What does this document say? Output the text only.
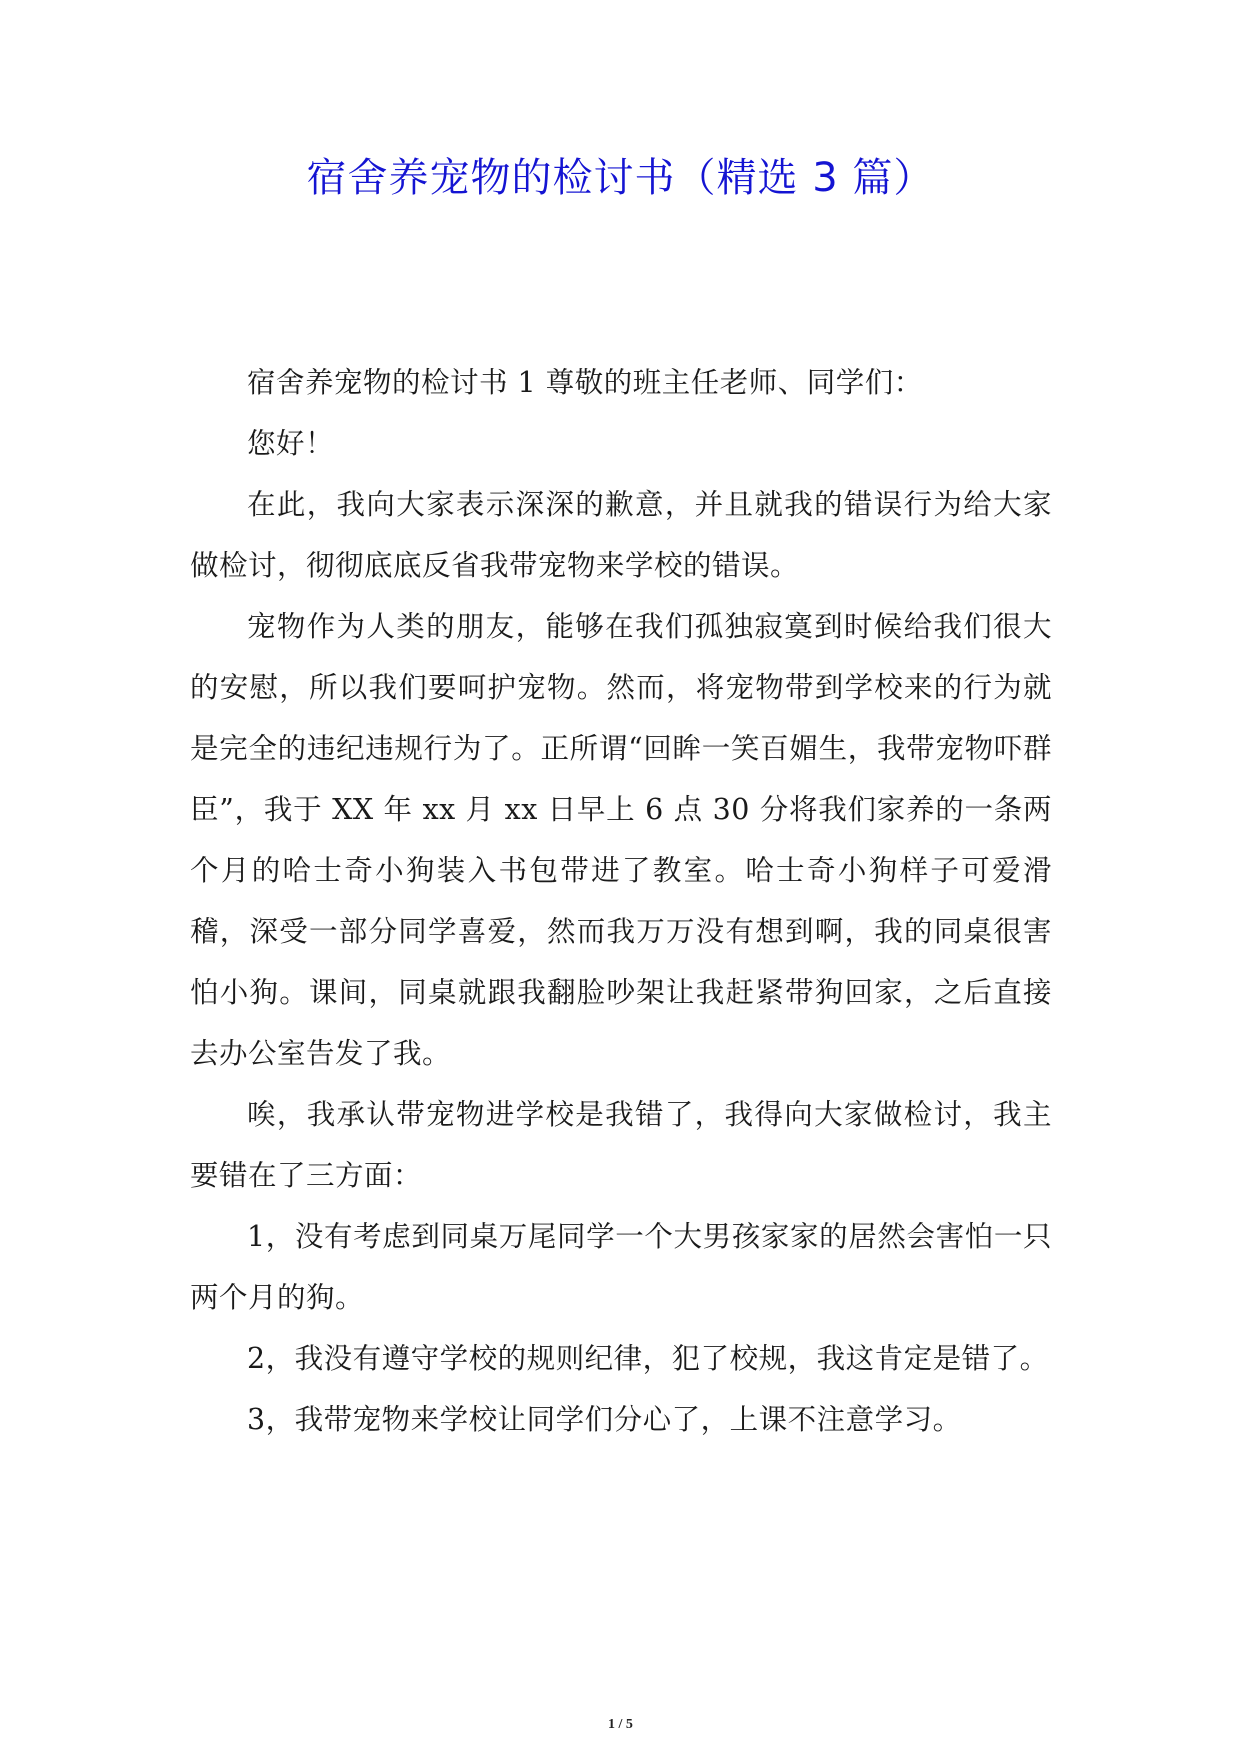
宿舍养宠物的检讨书（精选 3 篇）

宿舍养宠物的检讨书 1 尊敬的班主任老师、同学们：

您好！

在此，我向大家表示深深的歉意，并且就我的错误行为给大家做检讨，彻彻底底反省我带宠物来学校的错误。

宠物作为人类的朋友，能够在我们孤独寂寞到时候给我们很大的安慰，所以我们要呵护宠物。然而，将宠物带到学校来的行为就是完全的违纪违规行为了。正所谓“回眸一笑百媚生，我带宠物吓群臣”，我于 XX 年 xx 月 xx 日早上 6 点 30 分将我们家养的一条两个月的哈士奇小狗装入书包带进了教室。哈士奇小狗样子可爱滑稽，深受一部分同学喜爱，然而我万万没有想到啊，我的同桌很害怕小狗。课间，同桌就跟我翻脸吵架让我赶紧带狗回家，之后直接去办公室告发了我。

唉，我承认带宠物进学校是我错了，我得向大家做检讨，我主要错在了三方面：

1，没有考虑到同桌万尾同学一个大男孩家家的居然会害怕一只两个月的狗。

2，我没有遵守学校的规则纪律，犯了校规，我这肯定是错了。

3，我带宠物来学校让同学们分心了，上课不注意学习。

1 / 5
